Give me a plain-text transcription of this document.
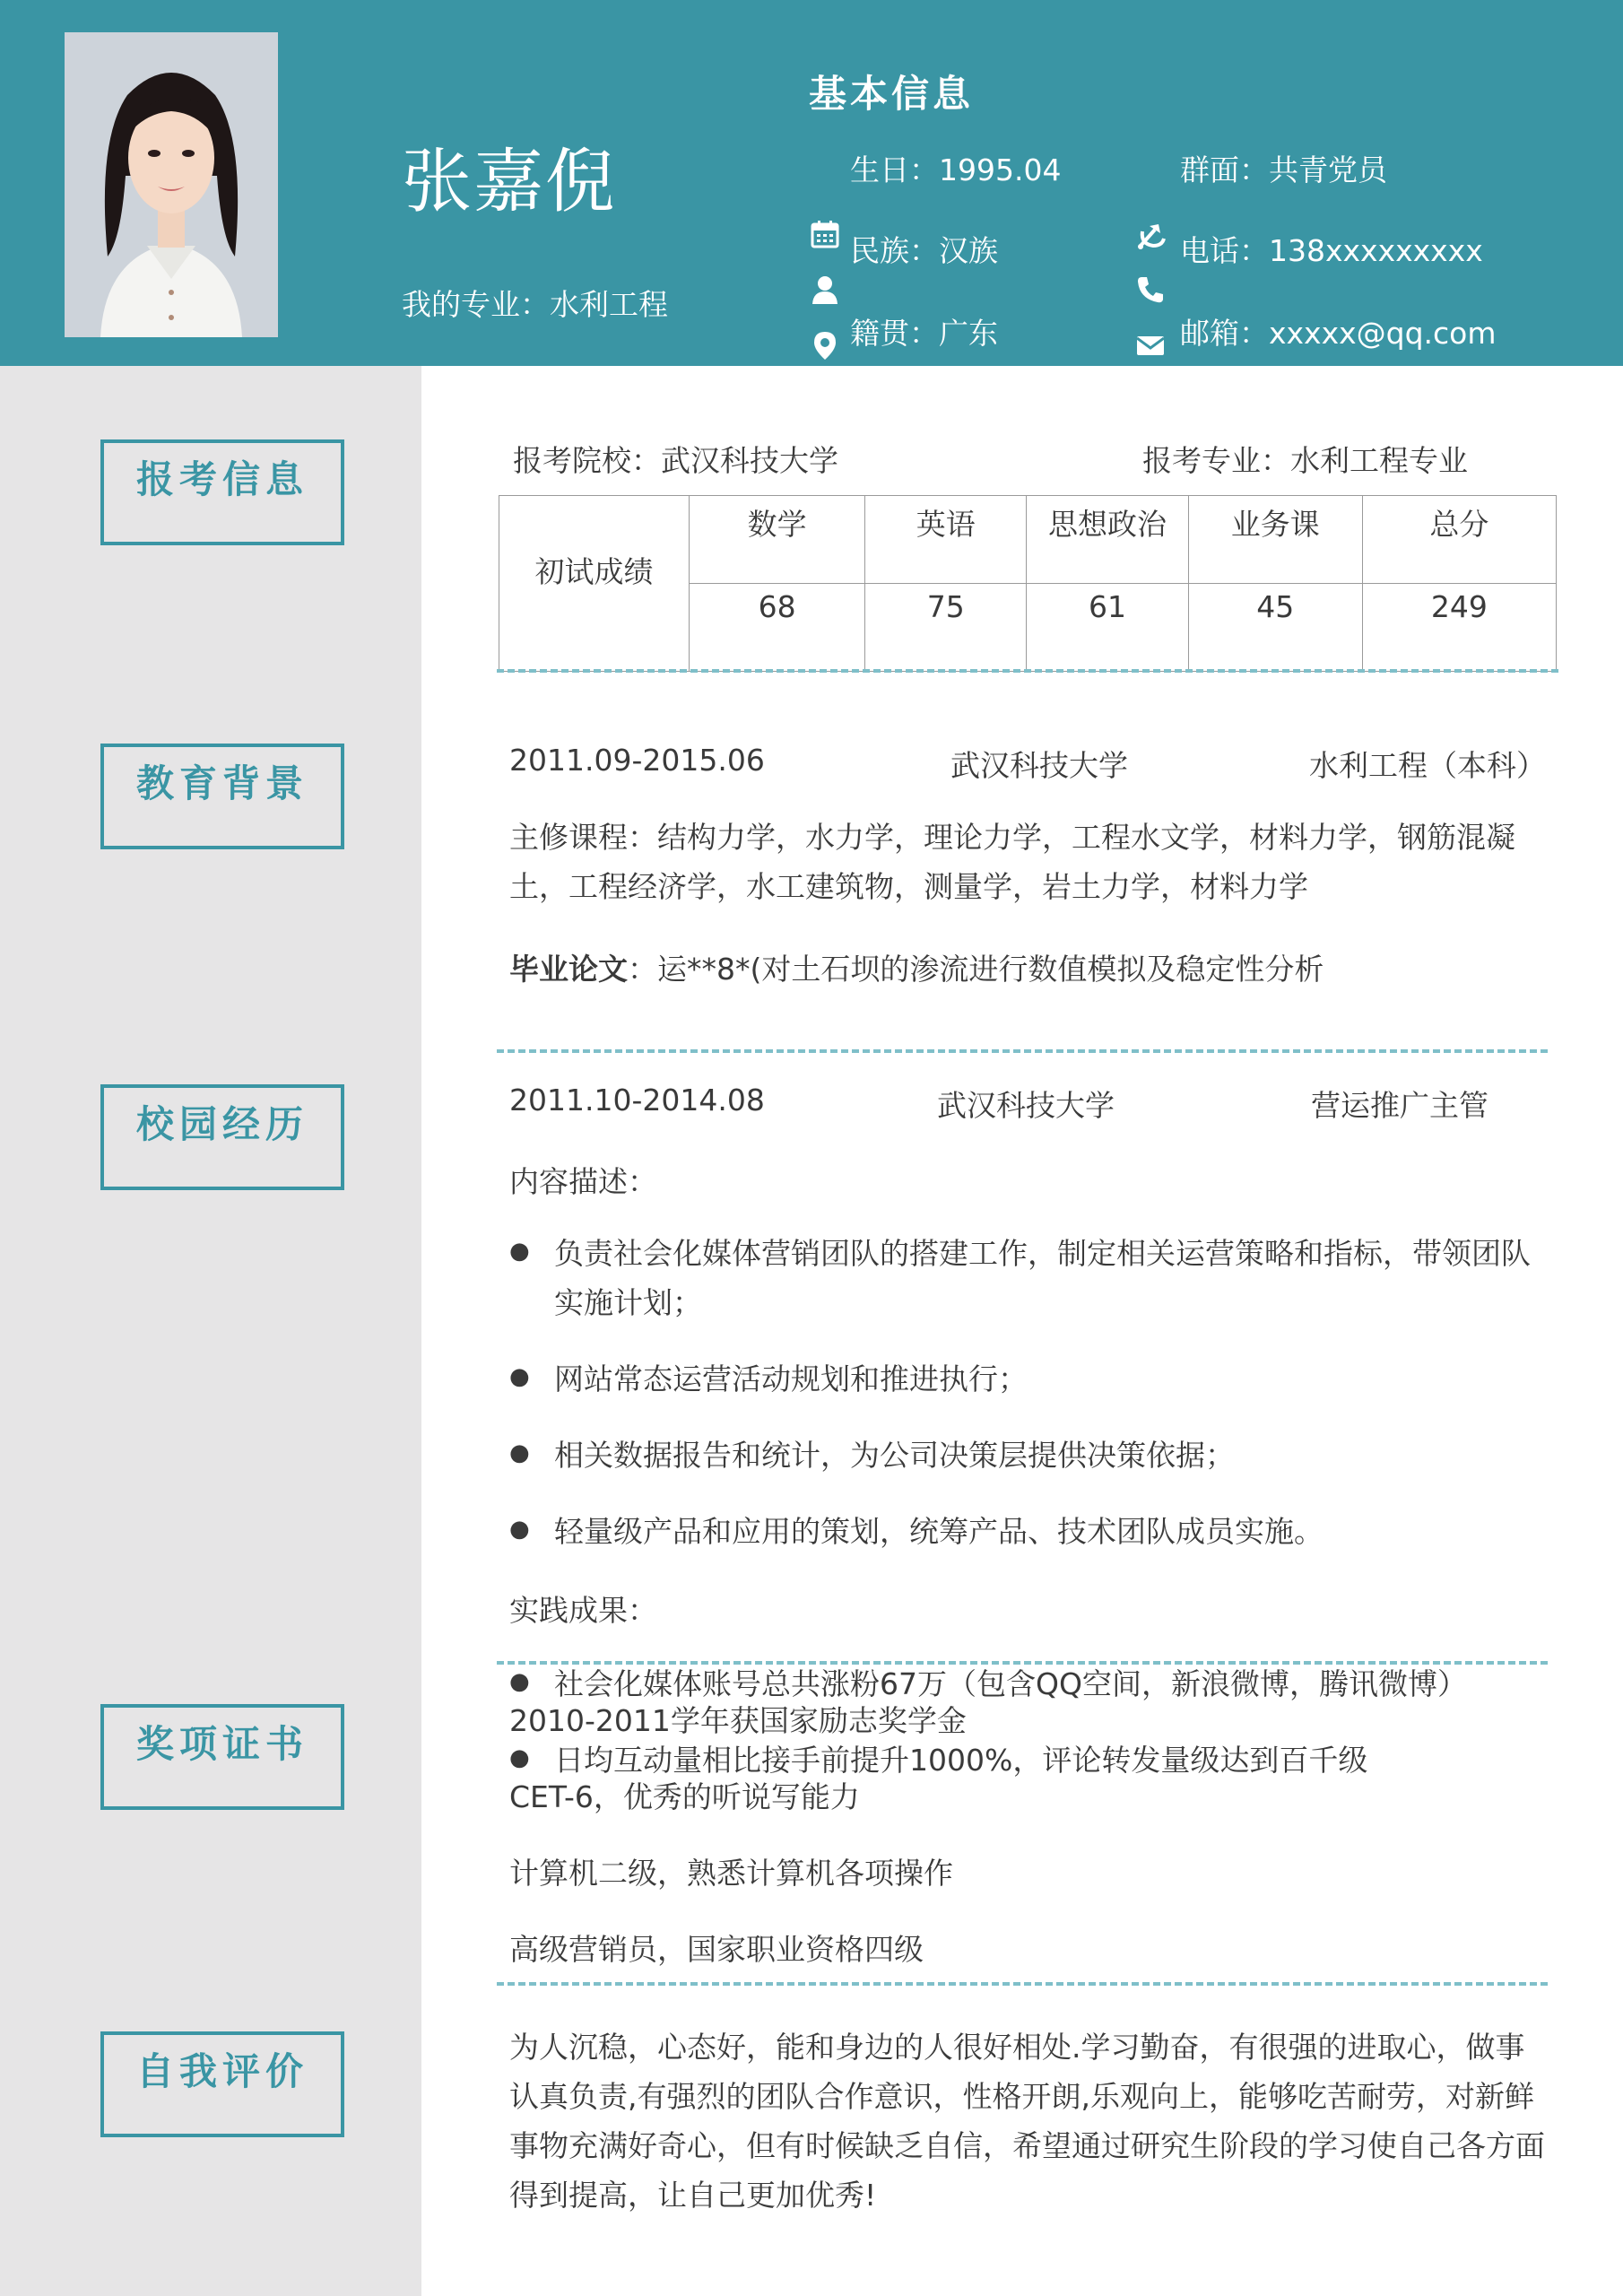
张嘉倪
我的专业：水利工程
基本信息
生日：1995.04
民族：汉族
籍贯：广东
群面：共青党员
电话：138xxxxxxxxx
邮箱：xxxxx@qq.com
报考信息
教育背景
校园经历
奖项证书
自我评价
报考院校：武汉科技大学	报考专业：水利工程专业
初试成绩	数学	英语	思想政治	业务课	总分
	68	75	61	45	249
2011.09-2015.06	武汉科技大学	水利工程（本科）
主修课程：结构力学，水力学，理论力学，工程水文学，材料力学，钢筋混凝土，工程经济学，水工建筑物，测量学，岩土力学，材料力学
毕业论文：运**8*(对土石坝的渗流进行数值模拟及稳定性分析
2011.10-2014.08	武汉科技大学	营运推广主管
内容描述：
● 负责社会化媒体营销团队的搭建工作，制定相关运营策略和指标，带领团队实施计划；
● 网站常态运营活动规划和推进执行；
● 相关数据报告和统计，为公司决策层提供决策依据；
● 轻量级产品和应用的策划，统筹产品、技术团队成员实施。
实践成果：
● 社会化媒体账号总共涨粉67万（包含QQ空间，新浪微博，腾讯微博）
2010-2011学年获国家励志奖学金
● 日均互动量相比接手前提升1000%，评论转发量级达到百千级
CET-6，优秀的听说写能力
计算机二级，熟悉计算机各项操作
高级营销员，国家职业资格四级
为人沉稳，心态好，能和身边的人很好相处.学习勤奋，有很强的进取心，做事认真负责,有强烈的团队合作意识，性格开朗,乐观向上，能够吃苦耐劳，对新鲜事物充满好奇心，但有时候缺乏自信，希望通过研究生阶段的学习使自己各方面得到提高，让自己更加优秀!
